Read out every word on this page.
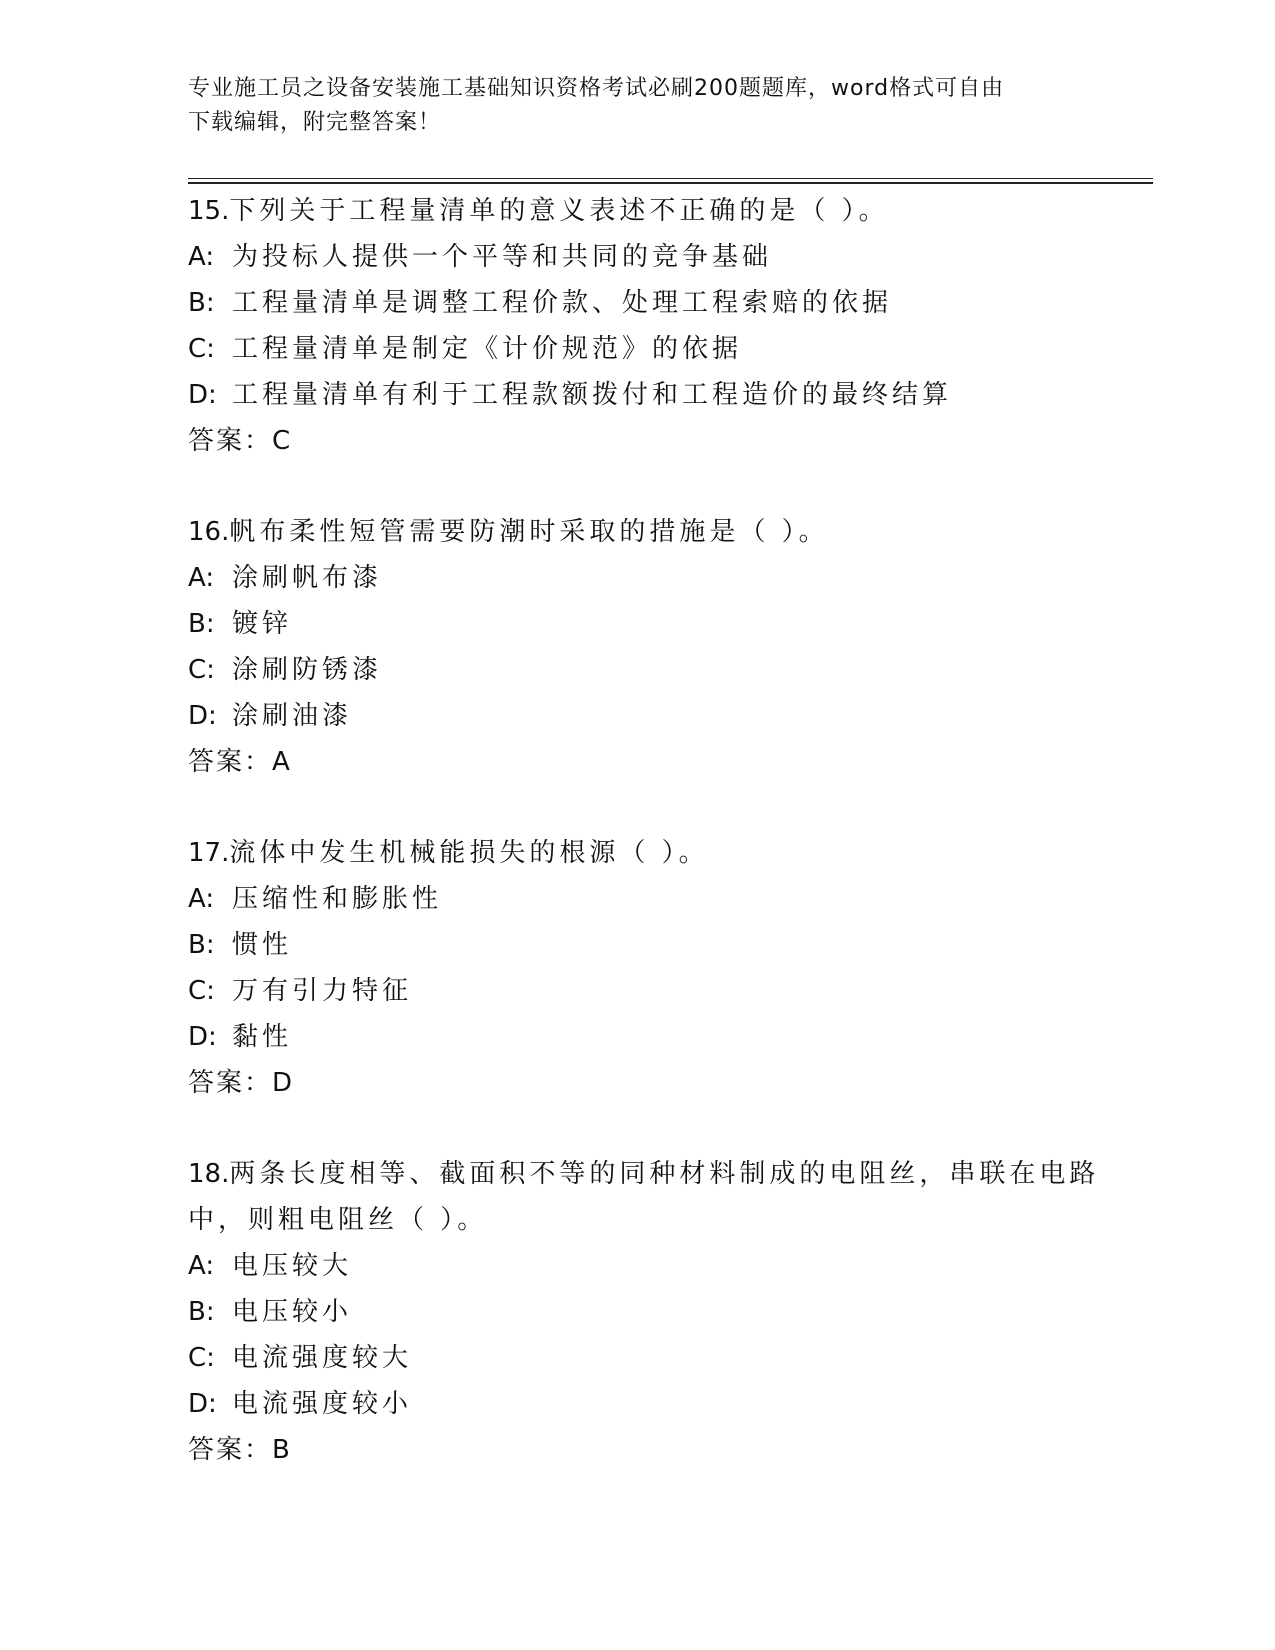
专业施工员之设备安装施工基础知识资格考试必刷200题题库，word格式可自由
下载编辑，附完整答案！
15.下列关于工程量清单的意义表述不正确的是（ ）。
A: 为投标人提供一个平等和共同的竞争基础
B: 工程量清单是调整工程价款、处理工程索赔的依据
C: 工程量清单是制定《计价规范》的依据
D: 工程量清单有利于工程款额拨付和工程造价的最终结算
答案：C
16.帆布柔性短管需要防潮时采取的措施是（ ）。
A: 涂刷帆布漆
B: 镀锌
C: 涂刷防锈漆
D: 涂刷油漆
答案：A
17.流体中发生机械能损失的根源（ ）。
A: 压缩性和膨胀性
B: 惯性
C: 万有引力特征
D: 黏性
答案：D
18.两条长度相等、截面积不等的同种材料制成的电阻丝，串联在电路
中，则粗电阻丝（ ）。
A: 电压较大
B: 电压较小
C: 电流强度较大
D: 电流强度较小
答案：B
